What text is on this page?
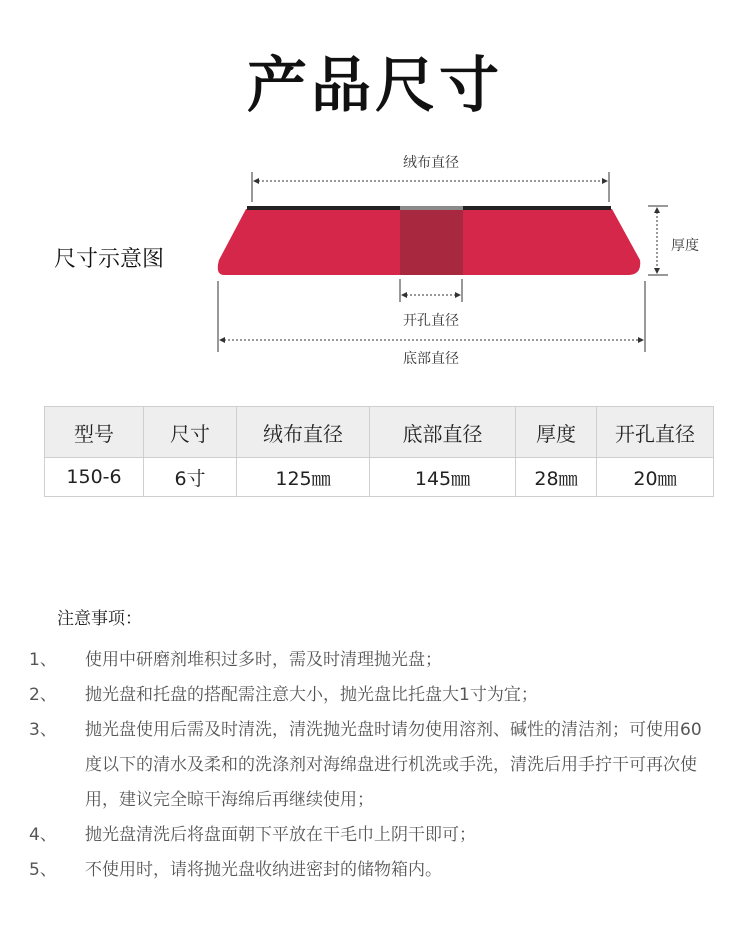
产品尺寸
尺寸示意图
绒布直径
厚度
开孔直径
底部直径
型号	尺寸	绒布直径	底部直径	厚度	开孔直径
150-6	6寸	125㎜	145㎜	28㎜	20㎜
注意事项：
1、 使用中研磨剂堆积过多时，需及时清理抛光盘；
2、 抛光盘和托盘的搭配需注意大小，抛光盘比托盘大1寸为宜；
3、 抛光盘使用后需及时清洗，清洗抛光盘时请勿使用溶剂、碱性的清洁剂；可使用60度以下的清水及柔和的洗涤剂对海绵盘进行机洗或手洗，清洗后用手拧干可再次使用，建议完全晾干海绵后再继续使用；
4、 抛光盘清洗后将盘面朝下平放在干毛巾上阴干即可；
5、 不使用时，请将抛光盘收纳进密封的储物箱内。
